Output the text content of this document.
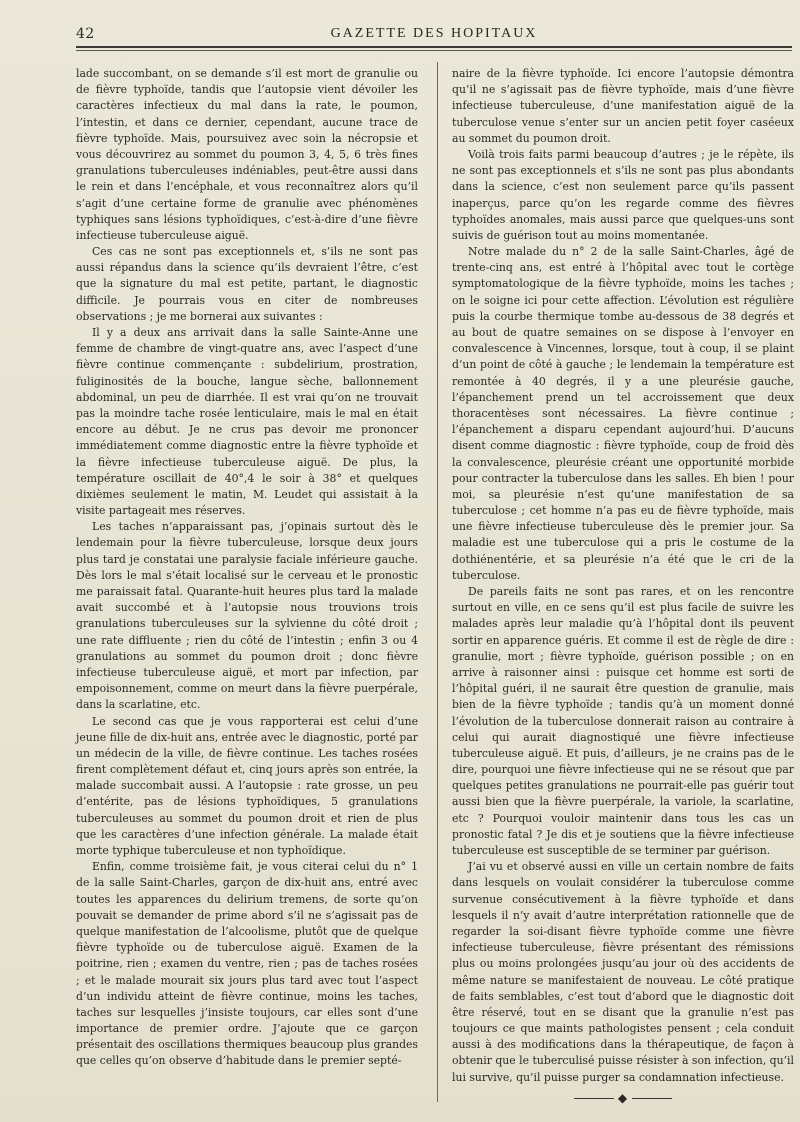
42	GAZETTE DES HOPITAUX

lade succombant, on se demande s’il est mort de granulie ou de fièvre typhoïde, tandis que l’autopsie vient dévoiler les caractères infectieux du mal dans la rate, le poumon, l’intestin, et dans ce dernier, cependant, aucune trace de fièvre typhoïde. Mais, poursuivez avec soin la nécropsie et vous découvrirez au sommet du poumon 3, 4, 5, 6 très fines granulations tuberculeuses indéniables, peut-être aussi dans le rein et dans l’encéphale, et vous reconnaîtrez alors qu’il s’agit d’une certaine forme de granulie avec phénomènes typhiques sans lésions typhoïdiques, c’est-à-dire d’une fièvre infectieuse tuberculeuse aiguë.

Ces cas ne sont pas exceptionnels et, s’ils ne sont pas aussi répandus dans la science qu’ils devraient l’être, c’est que la signature du mal est petite, partant, le diagnostic difficile. Je pourrais vous en citer de nombreuses observations ; je me bornerai aux suivantes :

Il y a deux ans arrivait dans la salle Sainte-Anne une femme de chambre de vingt-quatre ans, avec l’aspect d’une fièvre continue commençante : subdelirium, prostration, fuliginosités de la bouche, langue sèche, ballonnement abdominal, un peu de diarrhée. Il est vrai qu’on ne trouvait pas la moindre tache rosée lenticulaire, mais le mal en était encore au début. Je ne crus pas devoir me prononcer immédiatement comme diagnostic entre la fièvre typhoïde et la fièvre infectieuse tuberculeuse aiguë. De plus, la température oscillait de 40°,4 le soir à 38° et quelques dixièmes seulement le matin, M. Leudet qui assistait à la visite partageait mes réserves.

Les taches n’apparaissant pas, j’opinais surtout dès le lendemain pour la fièvre tuberculeuse, lorsque deux jours plus tard je constatai une paralysie faciale inférieure gauche. Dès lors le mal s’était localisé sur le cerveau et le pronostic me paraissait fatal. Quarante-huit heures plus tard la malade avait succombé et à l’autopsie nous trouvions trois granulations tuberculeuses sur la sylvienne du côté droit ; une rate diffluente ; rien du côté de l’intestin ; enfin 3 ou 4 granulations au sommet du poumon droit ; donc fièvre infectieuse tuberculeuse aiguë, et mort par infection, par empoisonnement, comme on meurt dans la fièvre puerpérale, dans la scarlatine, etc.

Le second cas que je vous rapporterai est celui d’une jeune fille de dix-huit ans, entrée avec le diagnostic, porté par un médecin de la ville, de fièvre continue. Les taches rosées firent complètement défaut et, cinq jours après son entrée, la malade succombait aussi. A l’autopsie : rate grosse, un peu d’entérite, pas de lésions typhoïdiques, 5 granulations tuberculeuses au sommet du poumon droit et rien de plus que les caractères d’une infection générale. La malade était morte typhique tuberculeuse et non typhoïdique.

Enfin, comme troisième fait, je vous citerai celui du n° 1 de la salle Saint-Charles, garçon de dix-huit ans, entré avec toutes les apparences du delirium tremens, de sorte qu’on pouvait se demander de prime abord s’il ne s’agissait pas de quelque manifestation de l’alcoolisme, plutôt que de quelque fièvre typhoïde ou de tuberculose aiguë. Examen de la poitrine, rien ; examen du ventre, rien ; pas de taches rosées ; et le malade mourait six jours plus tard avec tout l’aspect d’un individu atteint de fièvre continue, moins les taches, taches sur lesquelles j’insiste toujours, car elles sont d’une importance de premier ordre. J’ajoute que ce garçon présentait des oscillations thermiques beaucoup plus grandes que celles qu’on observe d’habitude dans le premier septé-

naire de la fièvre typhoïde. Ici encore l’autopsie démontra qu’il ne s’agissait pas de fièvre typhoïde, mais d’une fièvre infectieuse tuberculeuse, d’une manifestation aiguë de la tuberculose venue s’enter sur un ancien petit foyer caséeux au sommet du poumon droit.

Voilà trois faits parmi beaucoup d’autres ; je le répète, ils ne sont pas exceptionnels et s’ils ne sont pas plus abondants dans la science, c’est non seulement parce qu’ils passent inaperçus, parce qu’on les regarde comme des fièvres typhoïdes anomales, mais aussi parce que quelques-uns sont suivis de guérison tout au moins momentanée.

Notre malade du n° 2 de la salle Saint-Charles, âgé de trente-cinq ans, est entré à l’hôpital avec tout le cortège symptomatologique de la fièvre typhoïde, moins les taches ; on le soigne ici pour cette affection. L’évolution est régulière puis la courbe thermique tombe au-dessous de 38 degrés et au bout de quatre semaines on se dispose à l’envoyer en convalescence à Vincennes, lorsque, tout à coup, il se plaint d’un point de côté à gauche ; le lendemain la température est remontée à 40 degrés, il y a une pleurésie gauche, l’épanchement prend un tel accroissement que deux thoracentèses sont nécessaires. La fièvre continue ; l’épanchement a disparu cependant aujourd’hui. D’aucuns disent comme diagnostic : fièvre typhoïde, coup de froid dès la convalescence, pleurésie créant une opportunité morbide pour contracter la tuberculose dans les salles. Eh bien ! pour moi, sa pleurésie n’est qu’une manifestation de sa tuberculose ; cet homme n’a pas eu de fièvre typhoïde, mais une fièvre infectieuse tuberculeuse dès le premier jour. Sa maladie est une tuberculose qui a pris le costume de la dothiénentérie, et sa pleurésie n’a été que le cri de la tuberculose.

De pareils faits ne sont pas rares, et on les rencontre surtout en ville, en ce sens qu’il est plus facile de suivre les malades après leur maladie qu’à l’hôpital dont ils peuvent sortir en apparence guéris. Et comme il est de règle de dire : granulie, mort ; fièvre typhoïde, guérison possible ; on en arrive à raisonner ainsi : puisque cet homme est sorti de l’hôpital guéri, il ne saurait être question de granulie, mais bien de la fièvre typhoïde ; tandis qu’à un moment donné l’évolution de la tuberculose donnerait raison au contraire à celui qui aurait diagnostiqué une fièvre infectieuse tuberculeuse aiguë. Et puis, d’ailleurs, je ne crains pas de le dire, pourquoi une fièvre infectieuse qui ne se résout que par quelques petites granulations ne pourrait-elle pas guérir tout aussi bien que la fièvre puerpérale, la variole, la scarlatine, etc ? Pourquoi vouloir maintenir dans tous les cas un pronostic fatal ? Je dis et je soutiens que la fièvre infectieuse tuberculeuse est susceptible de se terminer par guérison.

J’ai vu et observé aussi en ville un certain nombre de faits dans lesquels on voulait considérer la tuberculose comme survenue consécutivement à la fièvre typhoïde et dans lesquels il n’y avait d’autre interprétation rationnelle que de regarder la soi-disant fièvre typhoïde comme une fièvre infectieuse tuberculeuse, fièvre présentant des rémissions plus ou moins prolongées jusqu’au jour où des accidents de même nature se manifestaient de nouveau. Le côté pratique de faits semblables, c’est tout d’abord que le diagnostic doit être réservé, tout en se disant que la granulie n’est pas toujours ce que maints pathologistes pensent ; cela conduit aussi à des modifications dans la thérapeutique, de façon à obtenir que le tuberculisé puisse résister à son infection, qu’il lui survive, qu’il puisse purger sa condamnation infectieuse.

◆
